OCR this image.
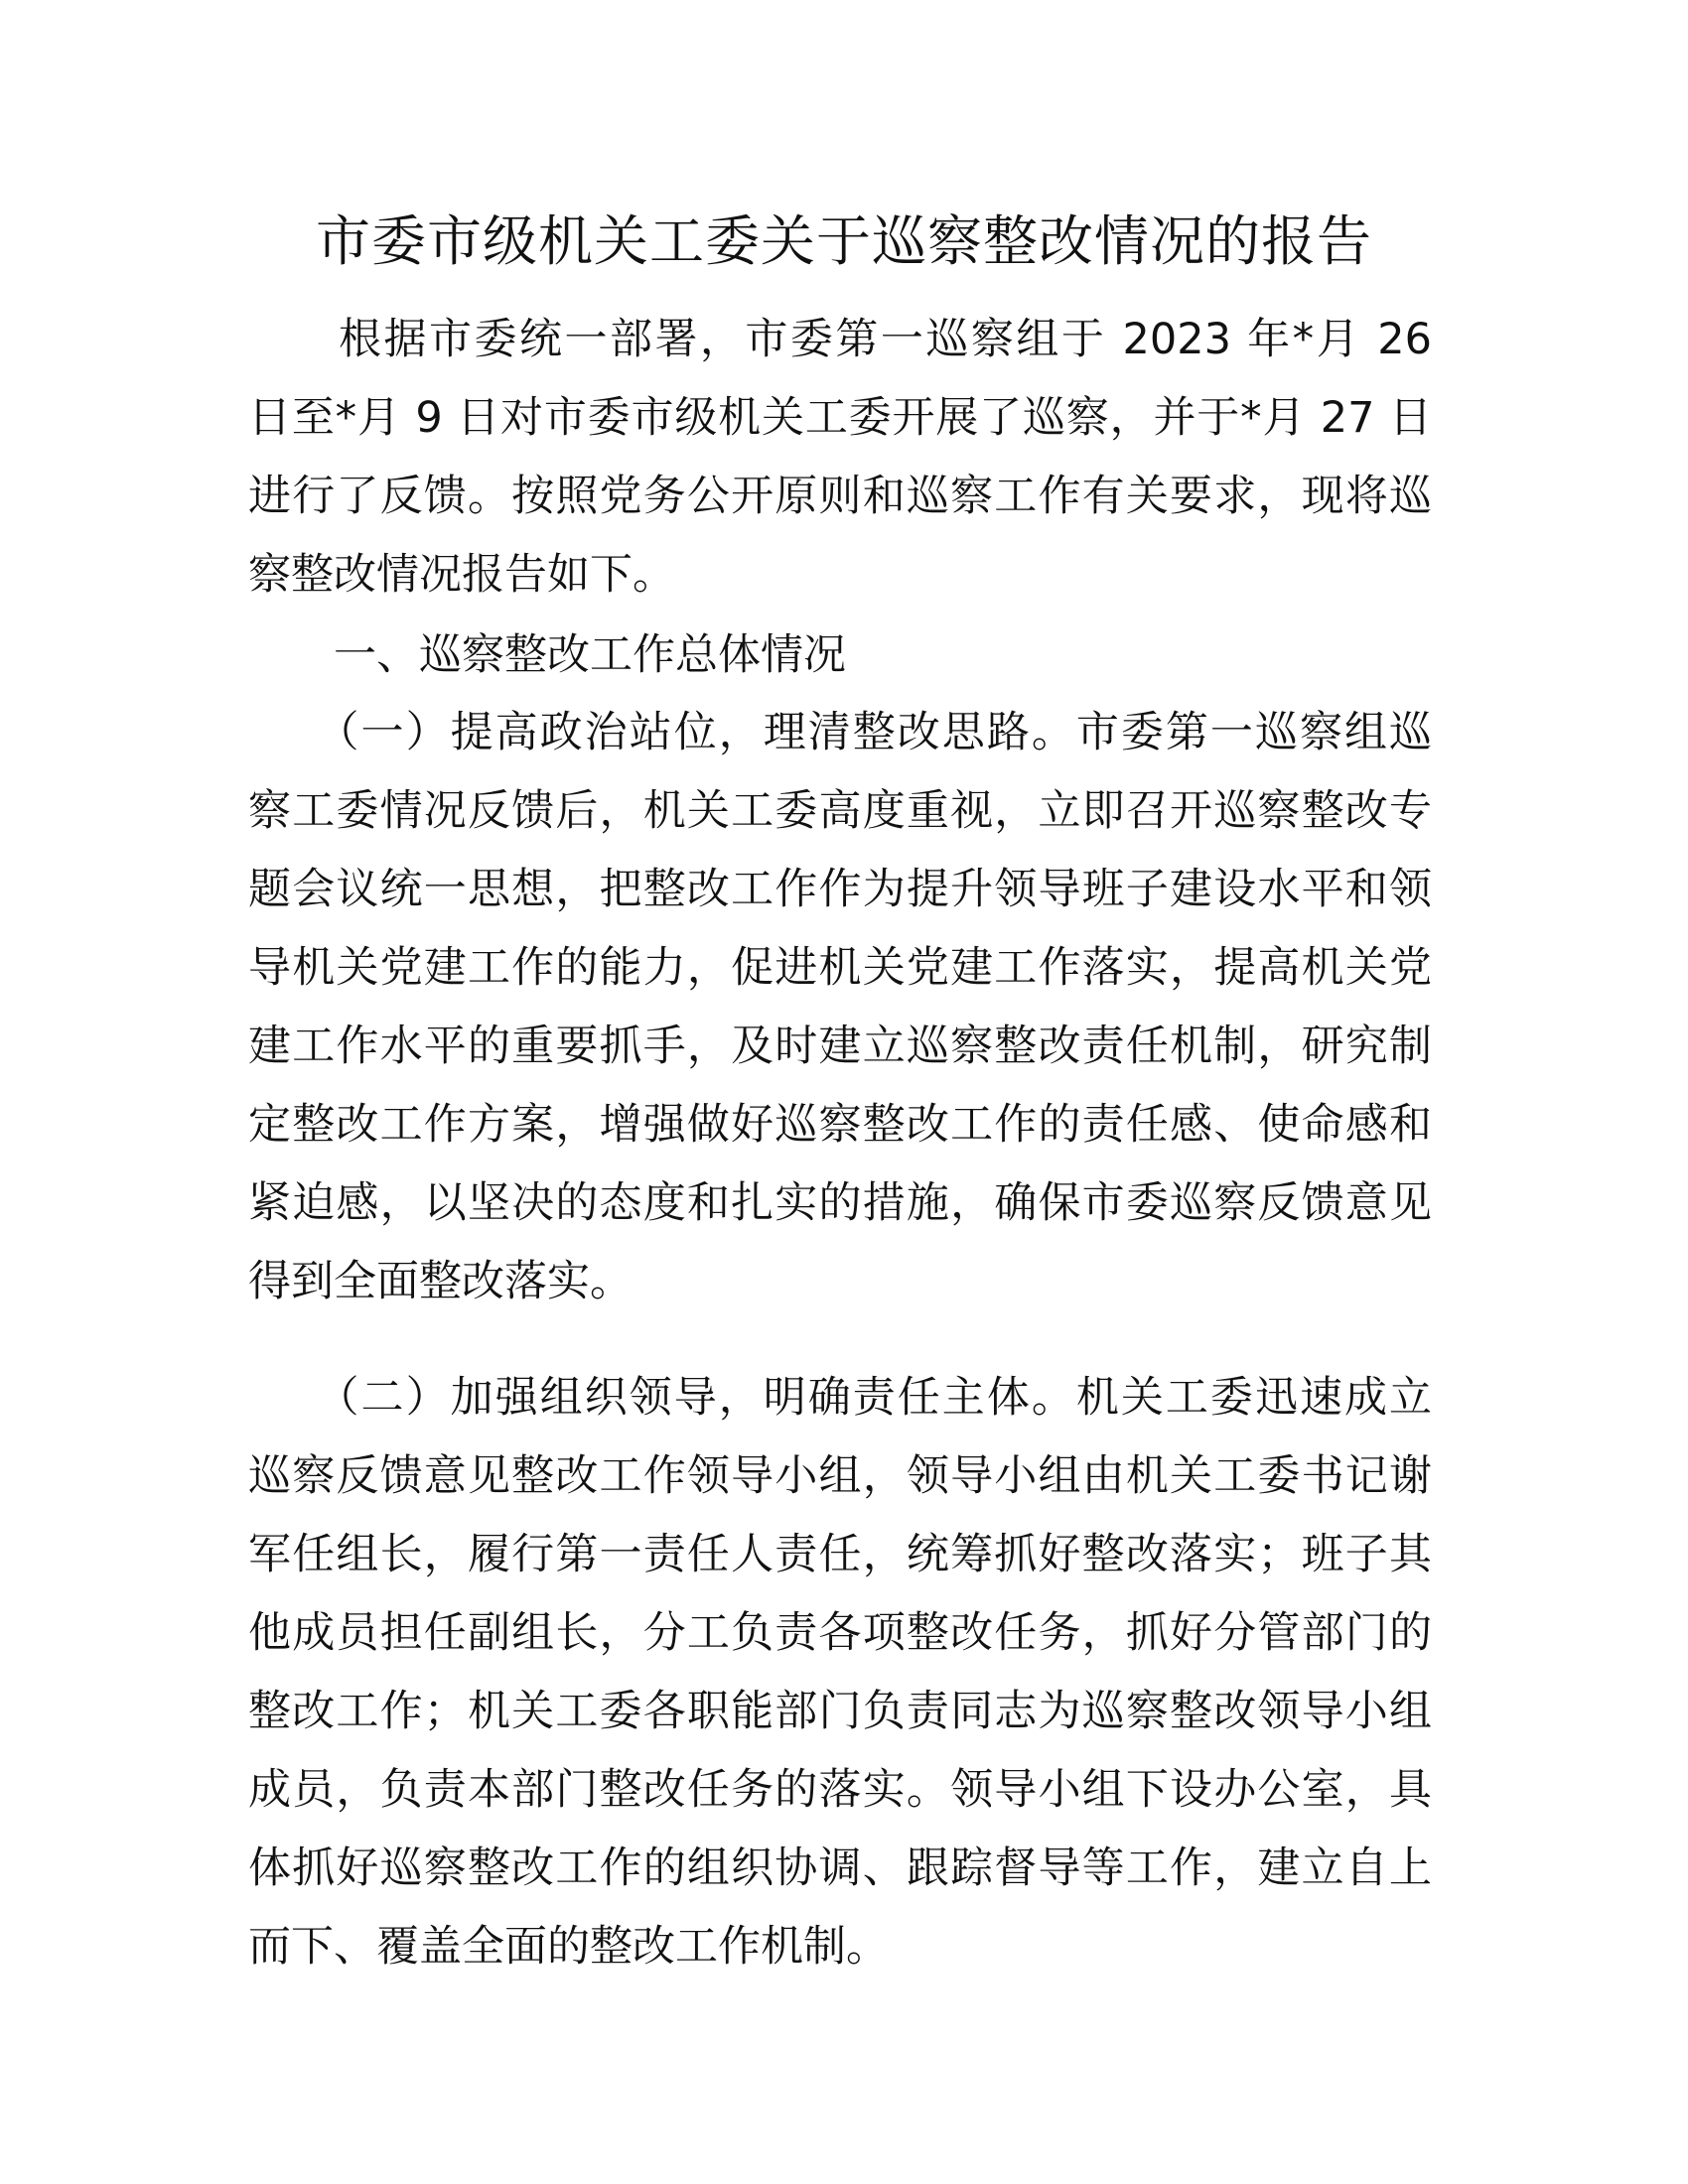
市委市级机关工委关于巡察整改情况的报告
　　根据市委统一部署，市委第一巡察组于 2023 年*月 26
日至*月 9 日对市委市级机关工委开展了巡察，并于*月 27 日
进行了反馈。按照党务公开原则和巡察工作有关要求，现将巡
察整改情况报告如下。
　　一、巡察整改工作总体情况
　　（一）提高政治站位，理清整改思路。市委第一巡察组巡
察工委情况反馈后，机关工委高度重视，立即召开巡察整改专
题会议统一思想，把整改工作作为提升领导班子建设水平和领
导机关党建工作的能力，促进机关党建工作落实，提高机关党
建工作水平的重要抓手，及时建立巡察整改责任机制，研究制
定整改工作方案，增强做好巡察整改工作的责任感、使命感和
紧迫感，以坚决的态度和扎实的措施，确保市委巡察反馈意见
得到全面整改落实。
　　（二）加强组织领导，明确责任主体。机关工委迅速成立
巡察反馈意见整改工作领导小组，领导小组由机关工委书记谢
军任组长，履行第一责任人责任，统筹抓好整改落实；班子其
他成员担任副组长，分工负责各项整改任务，抓好分管部门的
整改工作；机关工委各职能部门负责同志为巡察整改领导小组
成员，负责本部门整改任务的落实。领导小组下设办公室，具
体抓好巡察整改工作的组织协调、跟踪督导等工作，建立自上
而下、覆盖全面的整改工作机制。
